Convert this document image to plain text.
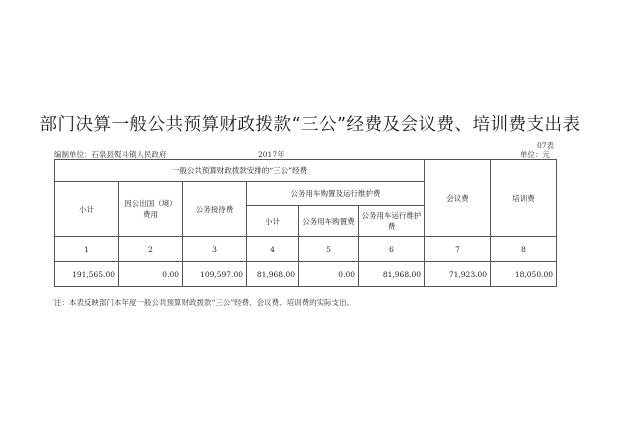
部门决算一般公共预算财政拨款“三公”经费及会议费、培训费支出表
07表
编制单位：石泉县熨斗镇人民政府	2017年	单位：元
一般公共预算财政拨款安排的“三公”经费						会议费	培训费
小计	因公出国（境）费用	公务接待费	公务用车购置及运行维护费				
			小计	公务用车购置费	公务用车运行维护费		
1	2	3	4	5	6	7	8
191,565.00	0.00	109,597.00	81,968.00	0.00	81,968.00	71,923.00	18,050.00
注：本表反映部门本年度一般公共预算财政拨款“三公”经费、会议费、培训费的实际支出。
